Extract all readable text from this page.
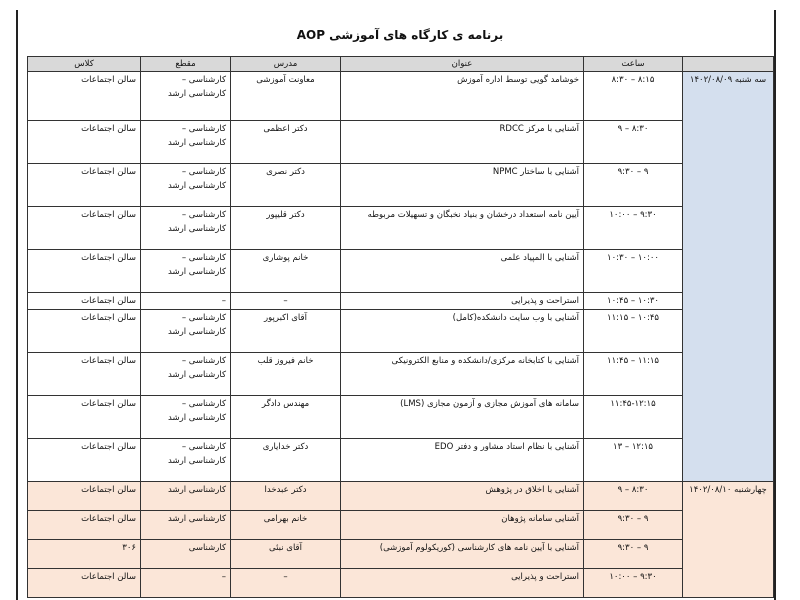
برنامه ی کارگاه های آموزشی AOP
	ساعت	عنوان	مدرس	مقطع	کلاس
سه شنبه ۱۴۰۲/۰۸/۰۹	۸:۱۵ – ۸:۳۰	خوشامد گویی توسط اداره آموزش	معاونت آموزشی	کارشناسی – کارشناسی ارشد	سالن اجتماعات
	۸:۳۰ – ۹	آشنایی با مرکز RDCC	دکتر اعظمی	کارشناسی – کارشناسی ارشد	سالن اجتماعات
	۹ – ۹:۳۰	آشنایی با ساختار NPMC	دکتر نصری	کارشناسی – کارشناسی ارشد	سالن اجتماعات
	۹:۳۰ – ۱۰:۰۰	آیین نامه استعداد درخشان و بنیاد نخبگان و تسهیلات مربوطه	دکتر قلیپور	کارشناسی – کارشناسی ارشد	سالن اجتماعات
	۱۰:۰۰ – ۱۰:۳۰	آشنایی با المپیاد علمی	خانم پوشاری	کارشناسی – کارشناسی ارشد	سالن اجتماعات
	۱۰:۳۰ – ۱۰:۴۵	استراحت و پذیرایی	–	–	سالن اجتماعات
	۱۰:۴۵ – ۱۱:۱۵	آشنایی با وب سایت دانشکده(کامل)	آقای اکبرپور	کارشناسی – کارشناسی ارشد	سالن اجتماعات
	۱۱:۱۵ – ۱۱:۴۵	آشنایی با کتابخانه مرکزی/دانشکده و منابع الکترونیکی	خانم فیروز قلب	کارشناسی – کارشناسی ارشد	سالن اجتماعات
	۱۱:۴۵-۱۲:۱۵	سامانه های آموزش مجازی و آزمون مجازی (LMS)	مهندس دادگر	کارشناسی – کارشناسی ارشد	سالن اجتماعات
	۱۲:۱۵ – ۱۳	آشنایی با نظام استاد مشاور و دفتر EDO	دکتر خدایاری	کارشناسی – کارشناسی ارشد	سالن اجتماعات
چهارشنبه ۱۴۰۲/۰۸/۱۰	۸:۳۰ – ۹	آشنایی با اخلاق در پژوهش	دکتر عبدخدا	کارشناسی ارشد	سالن اجتماعات
	۹ – ۹:۳۰	آشنایی سامانه پژوهان	خانم بهرامی	کارشناسی ارشد	سالن اجتماعات
	۹ – ۹:۳۰	آشنایی با آیین نامه های کارشناسی (کوریکولوم آموزشی)	آقای نبئی	کارشناسی	۳۰۶
	۹:۳۰ – ۱۰:۰۰	استراحت و پذیرایی	–	–	سالن اجتماعات
